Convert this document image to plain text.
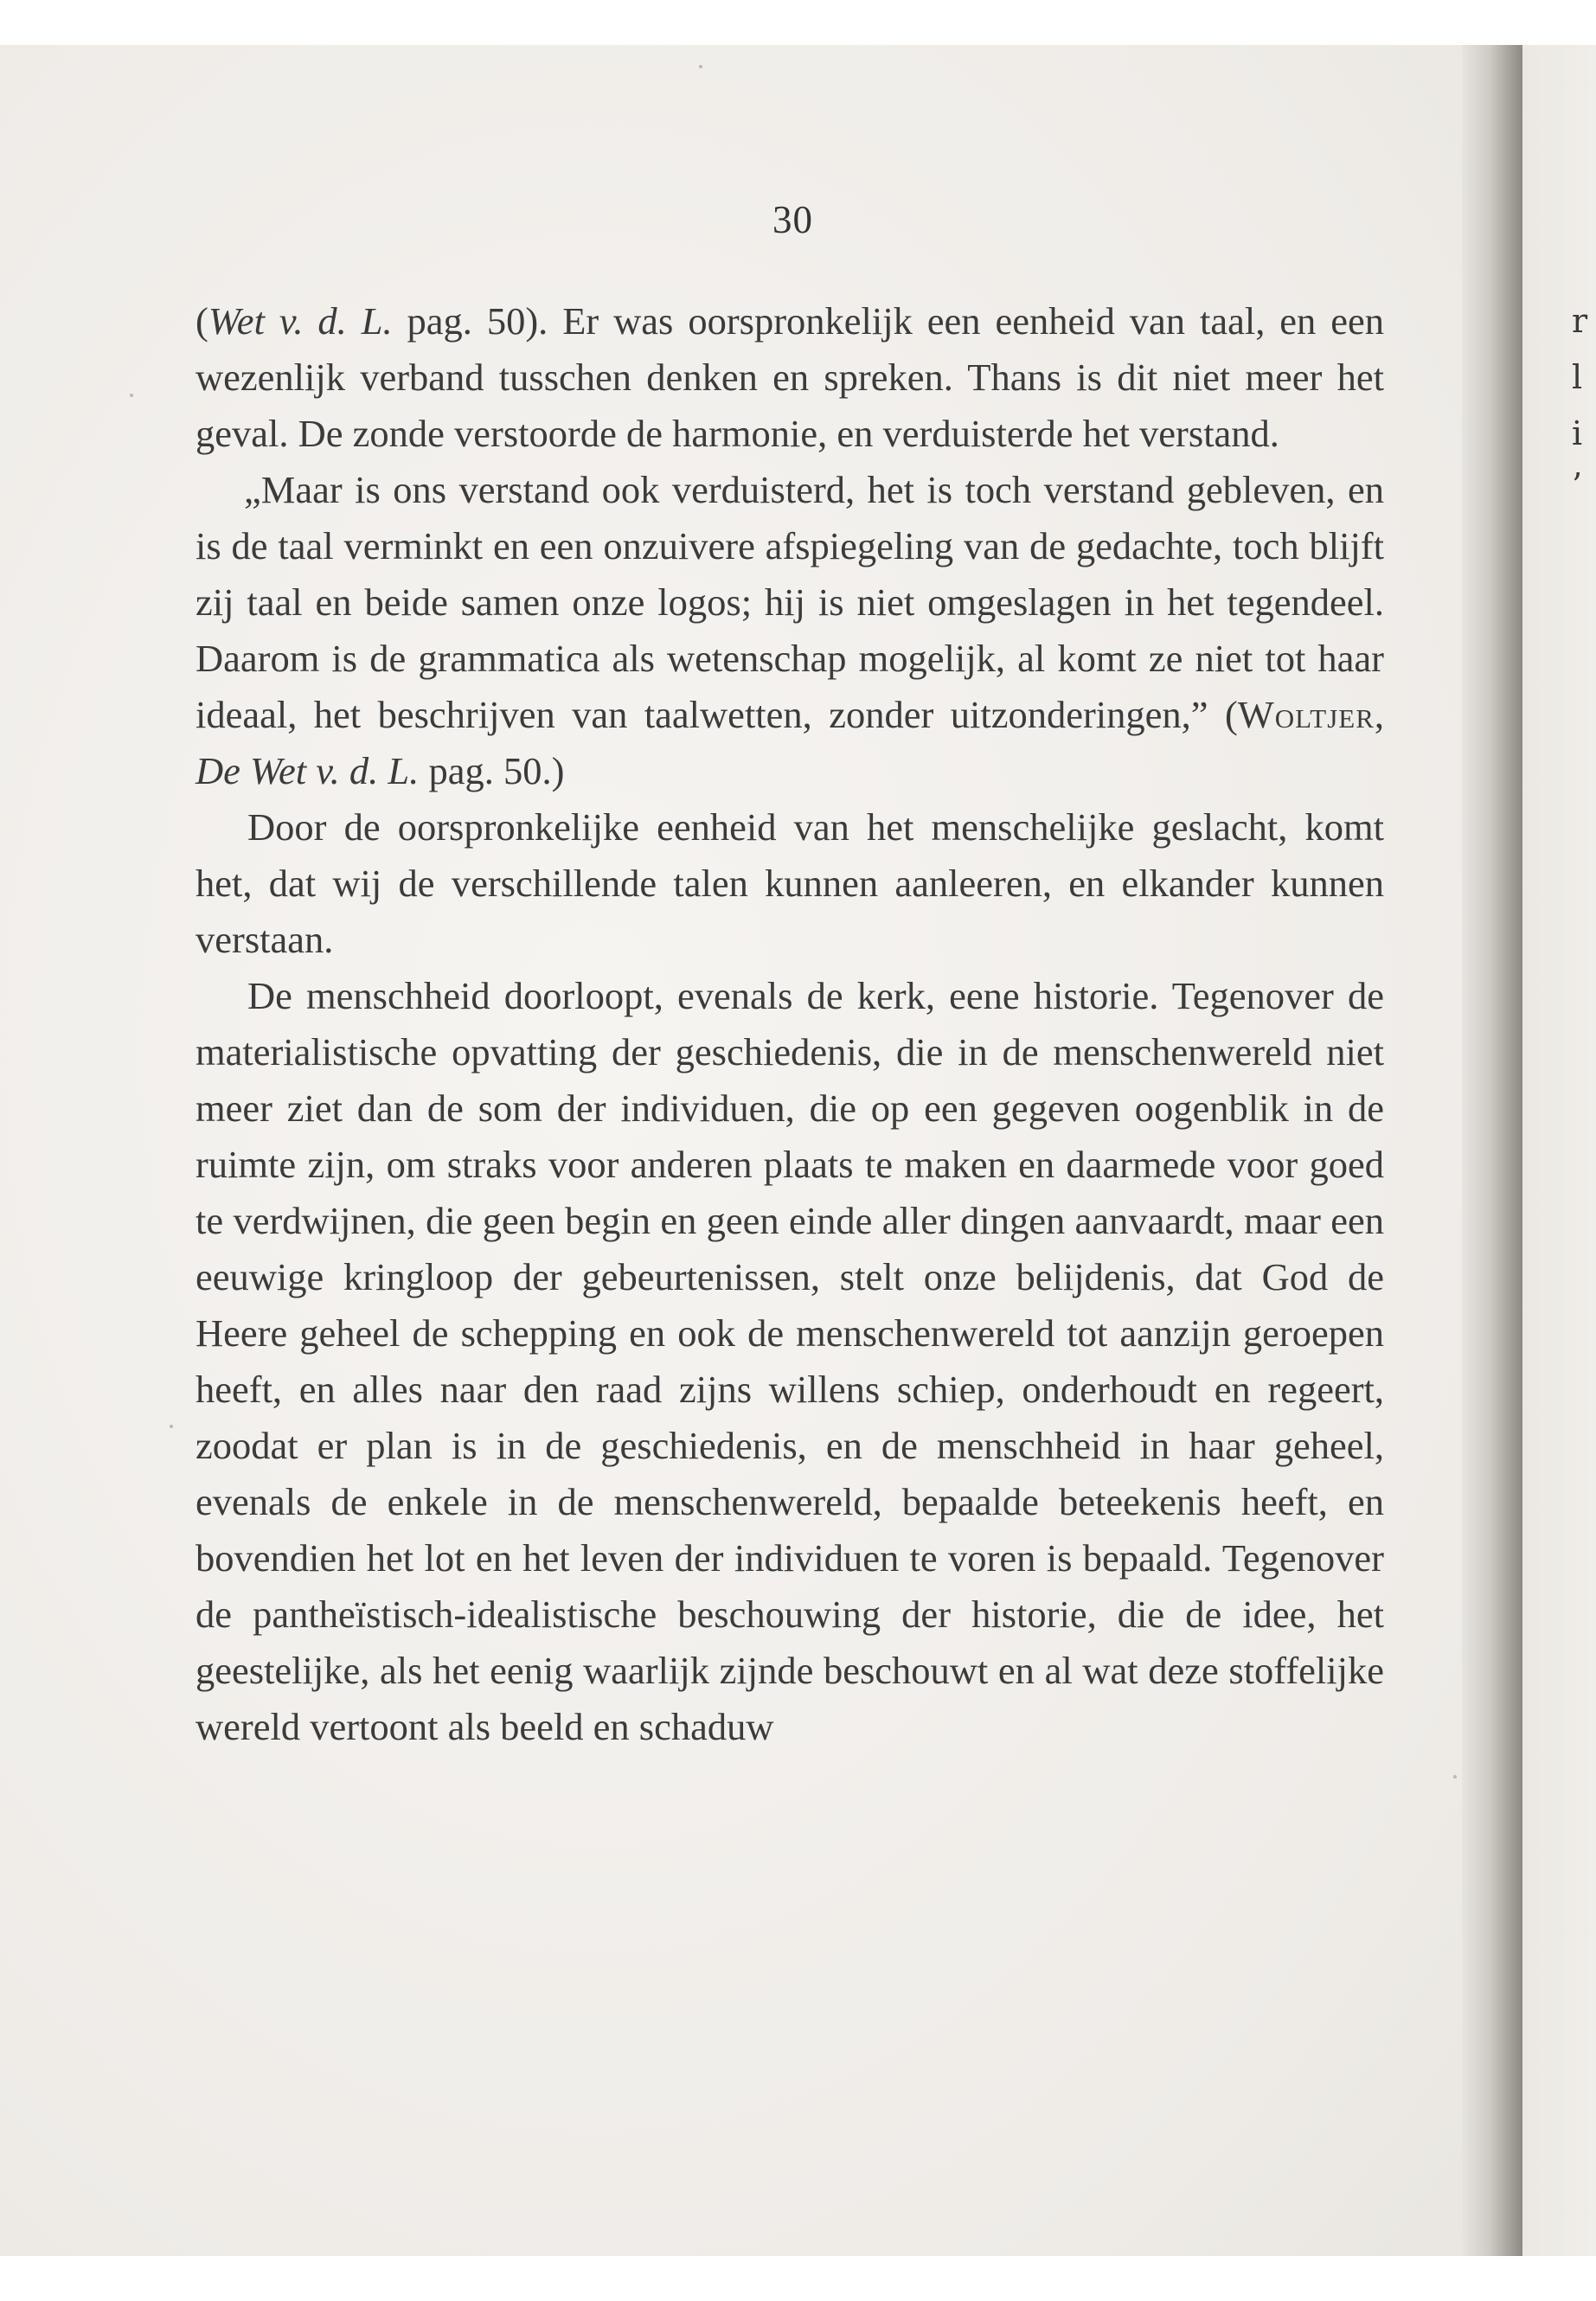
r
l
i
’
30

(Wet v. d. L. pag. 50). Er was oorspronkelijk een eenheid van taal, en een wezenlijk verband tusschen denken en spreken. Thans is dit niet meer het geval. De zonde verstoorde de harmonie, en verduisterde het verstand.

„Maar is ons verstand ook verduisterd, het is toch verstand gebleven, en is de taal verminkt en een onzuivere afspiegeling van de gedachte, toch blijft zij taal en beide samen onze logos; hij is niet omgeslagen in het tegendeel. Daarom is de grammatica als wetenschap mogelijk, al komt ze niet tot haar ideaal, het beschrijven van taalwetten, zonder uitzonderingen,” (Woltjer, De Wet v. d. L. pag. 50.)

Door de oorspronkelijke eenheid van het menschelijke geslacht, komt het, dat wij de verschillende talen kunnen aanleeren, en elkander kunnen verstaan.

De menschheid doorloopt, evenals de kerk, eene historie. Tegenover de materialistische opvatting der geschiedenis, die in de menschenwereld niet meer ziet dan de som der individuen, die op een gegeven oogenblik in de ruimte zijn, om straks voor anderen plaats te maken en daarmede voor goed te verdwijnen, die geen begin en geen einde aller dingen aanvaardt, maar een eeuwige kringloop der gebeurtenissen, stelt onze belijdenis, dat God de Heere geheel de schepping en ook de menschenwereld tot aanzijn geroepen heeft, en alles naar den raad zijns willens schiep, onderhoudt en regeert, zoodat er plan is in de geschiedenis, en de menschheid in haar geheel, evenals de enkele in de menschenwereld, bepaalde beteekenis heeft, en bovendien het lot en het leven der individuen te voren is bepaald. Tegenover de pantheïstisch-idealistische beschouwing der historie, die de idee, het geestelijke, als het eenig waarlijk zijnde beschouwt en al wat deze stoffelijke wereld vertoont als beeld en schaduw
